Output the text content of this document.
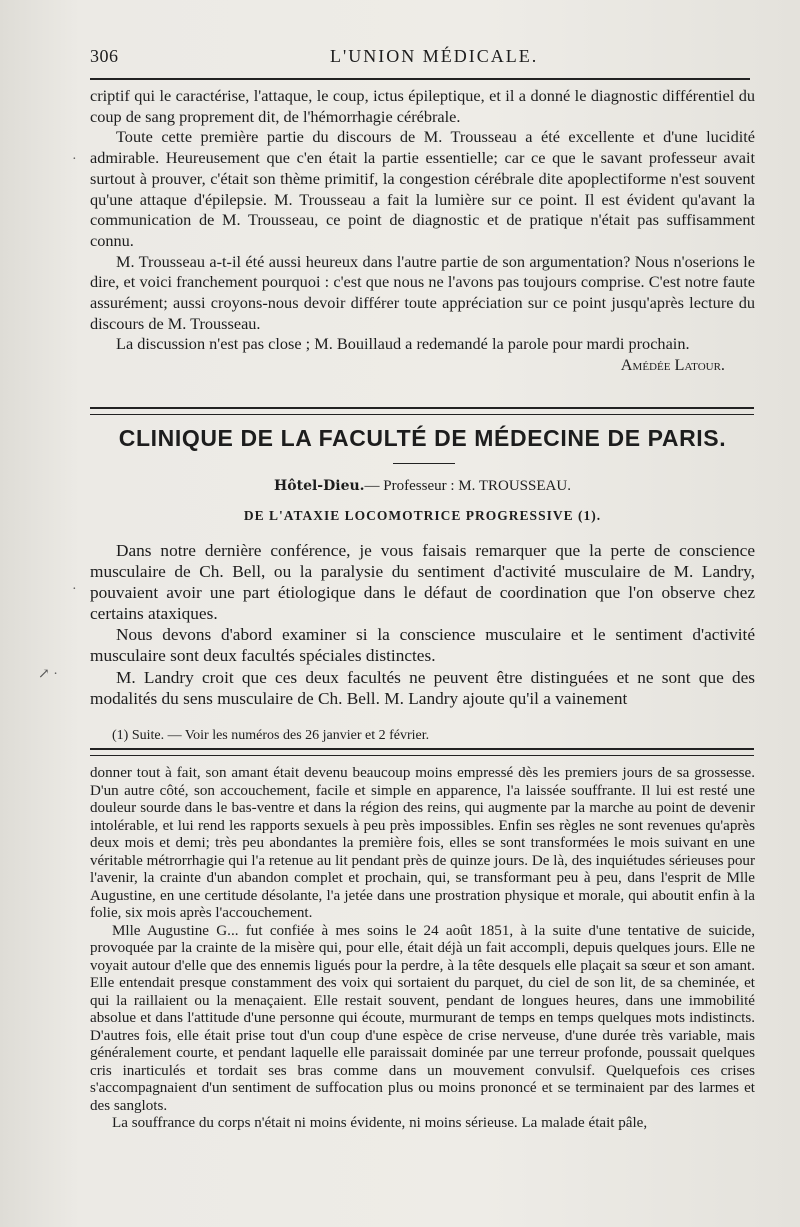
306	L'UNION MÉDICALE.

criptif qui le caractérise, l'attaque, le coup, ictus épileptique, et il a donné le diagnostic différentiel du coup de sang proprement dit, de l'hémorrhagie cérébrale.

Toute cette première partie du discours de M. Trousseau a été excellente et d'une lucidité admirable. Heureusement que c'en était la partie essentielle; car ce que le savant professeur avait surtout à prouver, c'était son thème primitif, la congestion cérébrale dite apoplectiforme n'est souvent qu'une attaque d'épilepsie. M. Trousseau a fait la lumière sur ce point. Il est évident qu'avant la communication de M. Trousseau, ce point de diagnostic et de pratique n'était pas suffisamment connu.

M. Trousseau a-t-il été aussi heureux dans l'autre partie de son argumentation? Nous n'oserions le dire, et voici franchement pourquoi : c'est que nous ne l'avons pas toujours comprise. C'est notre faute assurément; aussi croyons-nous devoir différer toute appréciation sur ce point jusqu'après lecture du discours de M. Trousseau.

La discussion n'est pas close ; M. Bouillaud a redemandé la parole pour mardi prochain.

Amédée Latour.

CLINIQUE DE LA FACULTÉ DE MÉDECINE DE PARIS.
Hôtel-Dieu.— Professeur : M. TROUSSEAU.
DE L'ATAXIE LOCOMOTRICE PROGRESSIVE (1).

Dans notre dernière conférence, je vous faisais remarquer que la perte de conscience musculaire de Ch. Bell, ou la paralysie du sentiment d'activité musculaire de M. Landry, pouvaient avoir une part étiologique dans le défaut de coordination que l'on observe chez certains ataxiques.

Nous devons d'abord examiner si la conscience musculaire et le sentiment d'activité musculaire sont deux facultés spéciales distinctes.

M. Landry croit que ces deux facultés ne peuvent être distinguées et ne sont que des modalités du sens musculaire de Ch. Bell. M. Landry ajoute qu'il a vainement

(1) Suite. — Voir les numéros des 26 janvier et 2 février.

donner tout à fait, son amant était devenu beaucoup moins empressé dès les premiers jours de sa grossesse. D'un autre côté, son accouchement, facile et simple en apparence, l'a laissée souffrante. Il lui est resté une douleur sourde dans le bas-ventre et dans la région des reins, qui augmente par la marche au point de devenir intolérable, et lui rend les rapports sexuels à peu près impossibles. Enfin ses règles ne sont revenues qu'après deux mois et demi; très peu abondantes la première fois, elles se sont transformées le mois suivant en une véritable métrorrhagie qui l'a retenue au lit pendant près de quinze jours. De là, des inquiétudes sérieuses pour l'avenir, la crainte d'un abandon complet et prochain, qui, se transformant peu à peu, dans l'esprit de Mlle Augustine, en une certitude désolante, l'a jetée dans une prostration physique et morale, qui aboutit enfin à la folie, six mois après l'accouchement.

Mlle Augustine G... fut confiée à mes soins le 24 août 1851, à la suite d'une tentative de suicide, provoquée par la crainte de la misère qui, pour elle, était déjà un fait accompli, depuis quelques jours. Elle ne voyait autour d'elle que des ennemis ligués pour la perdre, à la tête desquels elle plaçait sa sœur et son amant. Elle entendait presque constamment des voix qui sortaient du parquet, du ciel de son lit, de sa cheminée, et qui la raillaient ou la menaçaient. Elle restait souvent, pendant de longues heures, dans une immobilité absolue et dans l'attitude d'une personne qui écoute, murmurant de temps en temps quelques mots indistincts. D'autres fois, elle était prise tout d'un coup d'une espèce de crise nerveuse, d'une durée très variable, mais généralement courte, et pendant laquelle elle paraissait dominée par une terreur profonde, poussait quelques cris inarticulés et tordait ses bras comme dans un mouvement convulsif. Quelquefois ces crises s'accompagnaient d'un sentiment de suffocation plus ou moins prononcé et se terminaient par des larmes et des sanglots.

La souffrance du corps n'était ni moins évidente, ni moins sérieuse. La malade était pâle,

↗ ·
·
·
